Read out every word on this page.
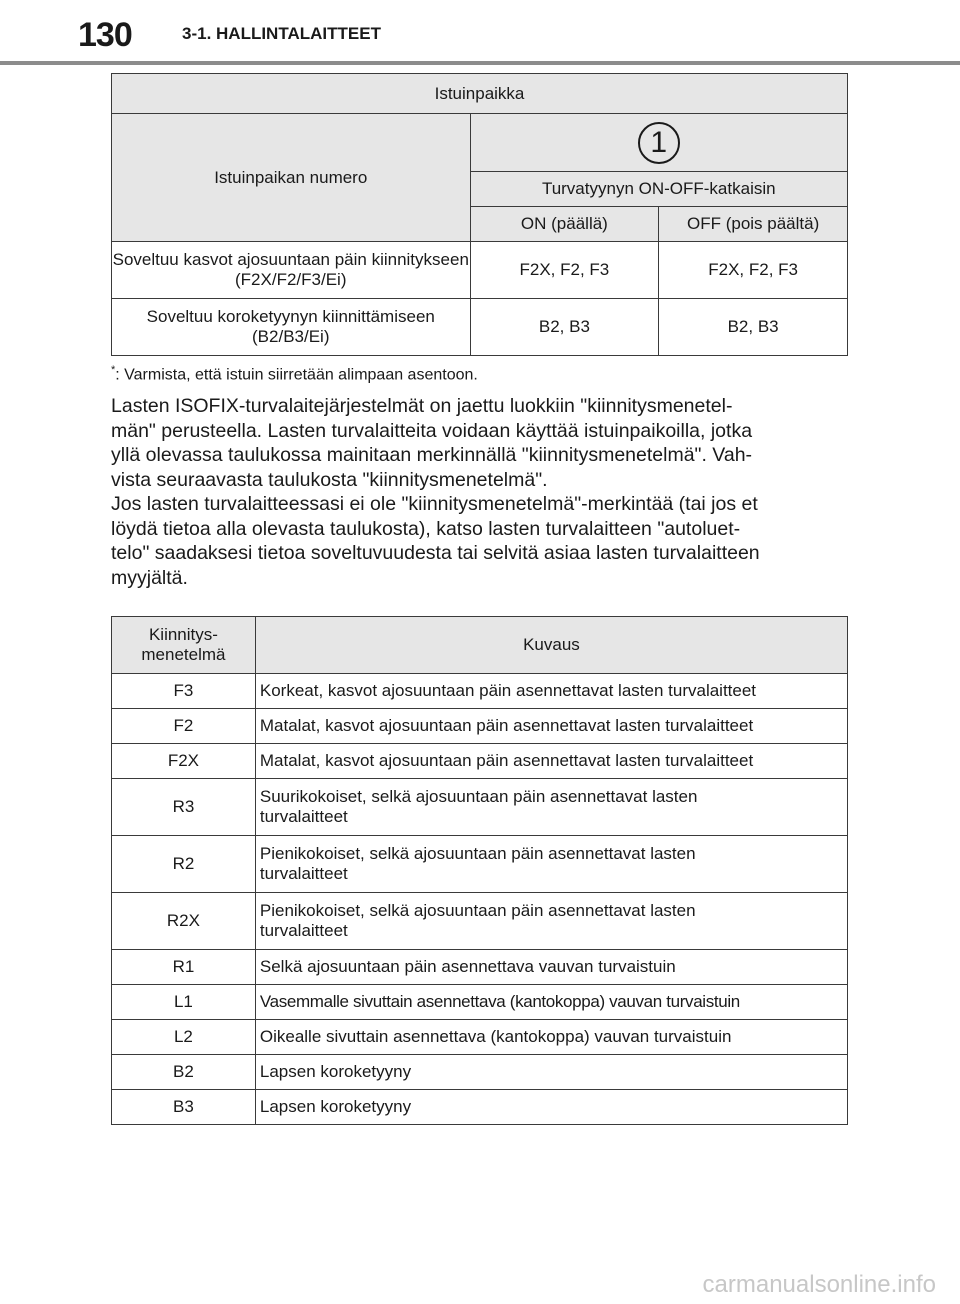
130	3-1. HALLINTALAITTEET
Istuinpaikka		
Istuinpaikan numero	1	
	Turvatyynyn ON-OFF-katkaisin	
	ON (päällä)	OFF (pois päältä)
Soveltuu kasvot ajosuuntaan päin kiinnitykseen (F2X/F2/F3/Ei)	F2X, F2, F3	F2X, F2, F3
Soveltuu koroketyynyn kiinnittämiseen (B2/B3/Ei)	B2, B3	B2, B3
*: Varmista, että istuin siirretään alimpaan asentoon.
Lasten ISOFIX-turvalaitejärjestelmät on jaettu luokkiin "kiinnitysmenetel-
män" perusteella. Lasten turvalaitteita voidaan käyttää istuinpaikoilla, jotka
yllä olevassa taulukossa mainitaan merkinnällä "kiinnitysmenetelmä". Vah-
vista seuraavasta taulukosta "kiinnitysmenetelmä".
Jos lasten turvalaitteessasi ei ole "kiinnitysmenetelmä"-merkintää (tai jos et
löydä tietoa alla olevasta taulukosta), katso lasten turvalaitteen "autoluet-
telo" saadaksesi tietoa soveltuvuudesta tai selvitä asiaa lasten turvalaitteen
myyjältä.
Kiinnitys-
menetelmä	Kuvaus
F3	Korkeat, kasvot ajosuuntaan päin asennettavat lasten turvalaitteet
F2	Matalat, kasvot ajosuuntaan päin asennettavat lasten turvalaitteet
F2X	Matalat, kasvot ajosuuntaan päin asennettavat lasten turvalaitteet
R3	Suurikokoiset, selkä ajosuuntaan päin asennettavat lasten
turvalaitteet
R2	Pienikokoiset, selkä ajosuuntaan päin asennettavat lasten
turvalaitteet
R2X	Pienikokoiset, selkä ajosuuntaan päin asennettavat lasten
turvalaitteet
R1	Selkä ajosuuntaan päin asennettava vauvan turvaistuin
L1	Vasemmalle sivuttain asennettava (kantokoppa) vauvan turvaistuin
L2	Oikealle sivuttain asennettava (kantokoppa) vauvan turvaistuin
B2	Lapsen koroketyyny
B3	Lapsen koroketyyny
carmanualsonline.info
